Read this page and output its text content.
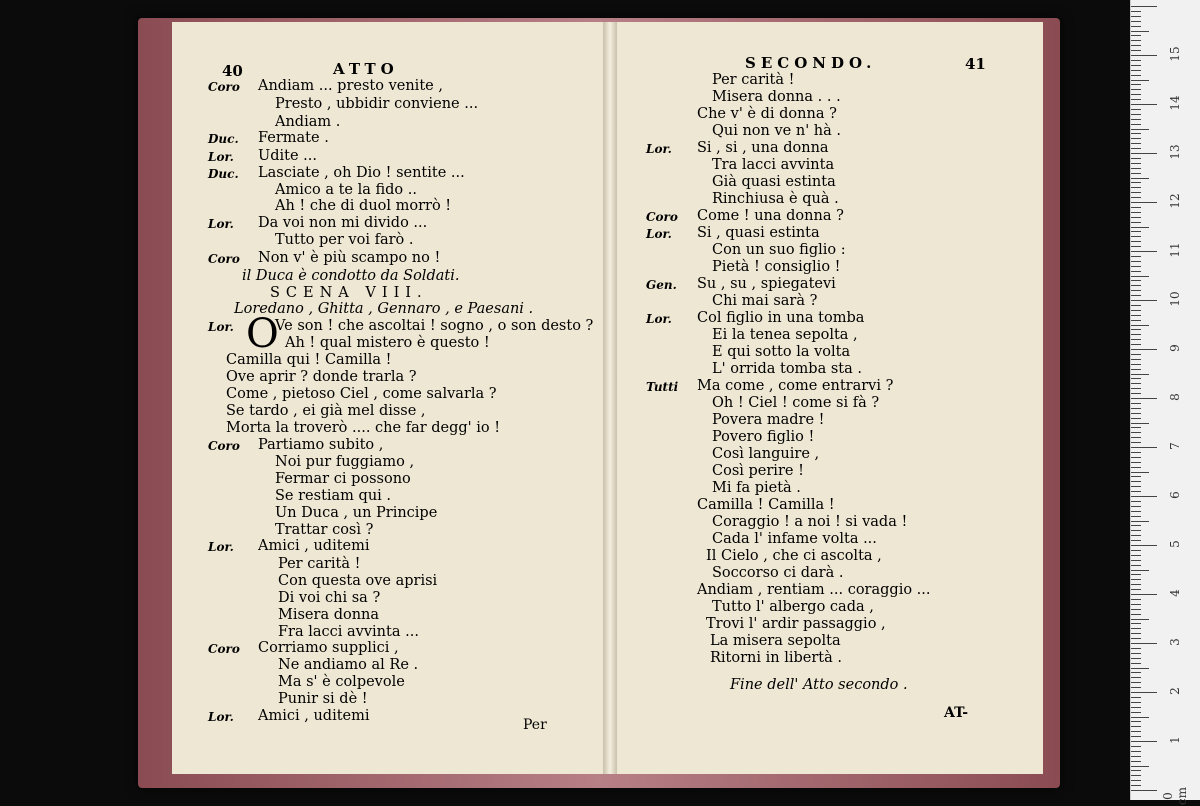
40	ATTO
Coro Andiam ... presto venite ,
Presto , ubbidir conviene ...
Andiam .
Duc. Fermate .
Lor. Udite ...
Duc. Lasciate , oh Dio ! sentite ...
Amico a te la fido ..
Ah ! che di duol morrò !
Lor. Da voi non mi divido ...
Tutto per voi farò .
Coro Non v' è più scampo no !
il Duca è condotto da Soldati.
SCENA VIII.
Loredano , Ghitta , Gennaro , e Paesani .
Lor.	Ve son ! che ascoltai ! sogno , o son desto ?
Ah ! qual mistero è questo !
Camilla qui ! Camilla !
Ove aprir ? donde trarla ?
Come , pietoso Ciel , come salvarla ?
Se tardo , ei già mel disse ,
Morta la troverò .... che far degg' io !
Coro Partiamo subito ,
Noi pur fuggiamo ,
Fermar ci possono
Se restiam qui .
Un Duca , un Principe
Trattar così ?
Lor. Amici , uditemi
Per carità !
Con questa ove aprisi
Di voi chi sa ?
Misera donna
Fra lacci avvinta ...
Coro Corriamo supplici ,
Ne andiamo al Re .
Ma s' è colpevole
Punir si dè !
Lor. Amici , uditemi
O
Per
SECONDO.	41
Per carità !
Misera donna . . .
Che v' è di donna ?
Qui non ve n' hà .
Lor. Si , si , una donna
Tra lacci avvinta
Già quasi estinta
Rinchiusa è quà .
Coro Come ! una donna ?
Lor. Si , quasi estinta
Con un suo figlio :
Pietà ! consiglio !
Gen. Su , su , spiegatevi
Chi mai sarà ?
Lor. Col figlio in una tomba
Ei la tenea sepolta ,
E qui sotto la volta
L' orrida tomba sta .
Tutti Ma come , come entrarvi ?
Oh ! Ciel ! come si fà ?
Povera madre !
Povero figlio !
Così languire ,
Così perire !
Mi fa pietà .
Camilla ! Camilla !
Coraggio ! a noi ! si vada !
Cada l' infame volta ...
Il Cielo , che ci ascolta ,
Soccorso ci darà .
Andiam , rentiam ... coraggio ...
Tutto l' albergo cada ,
Trovi l' ardir passaggio ,
La misera sepolta
Ritorni in libertà .
Fine dell' Atto secondo .
AT-
0 cm
1
2
3
4
5
6
7
8
9
10
11
12
13
14
15
